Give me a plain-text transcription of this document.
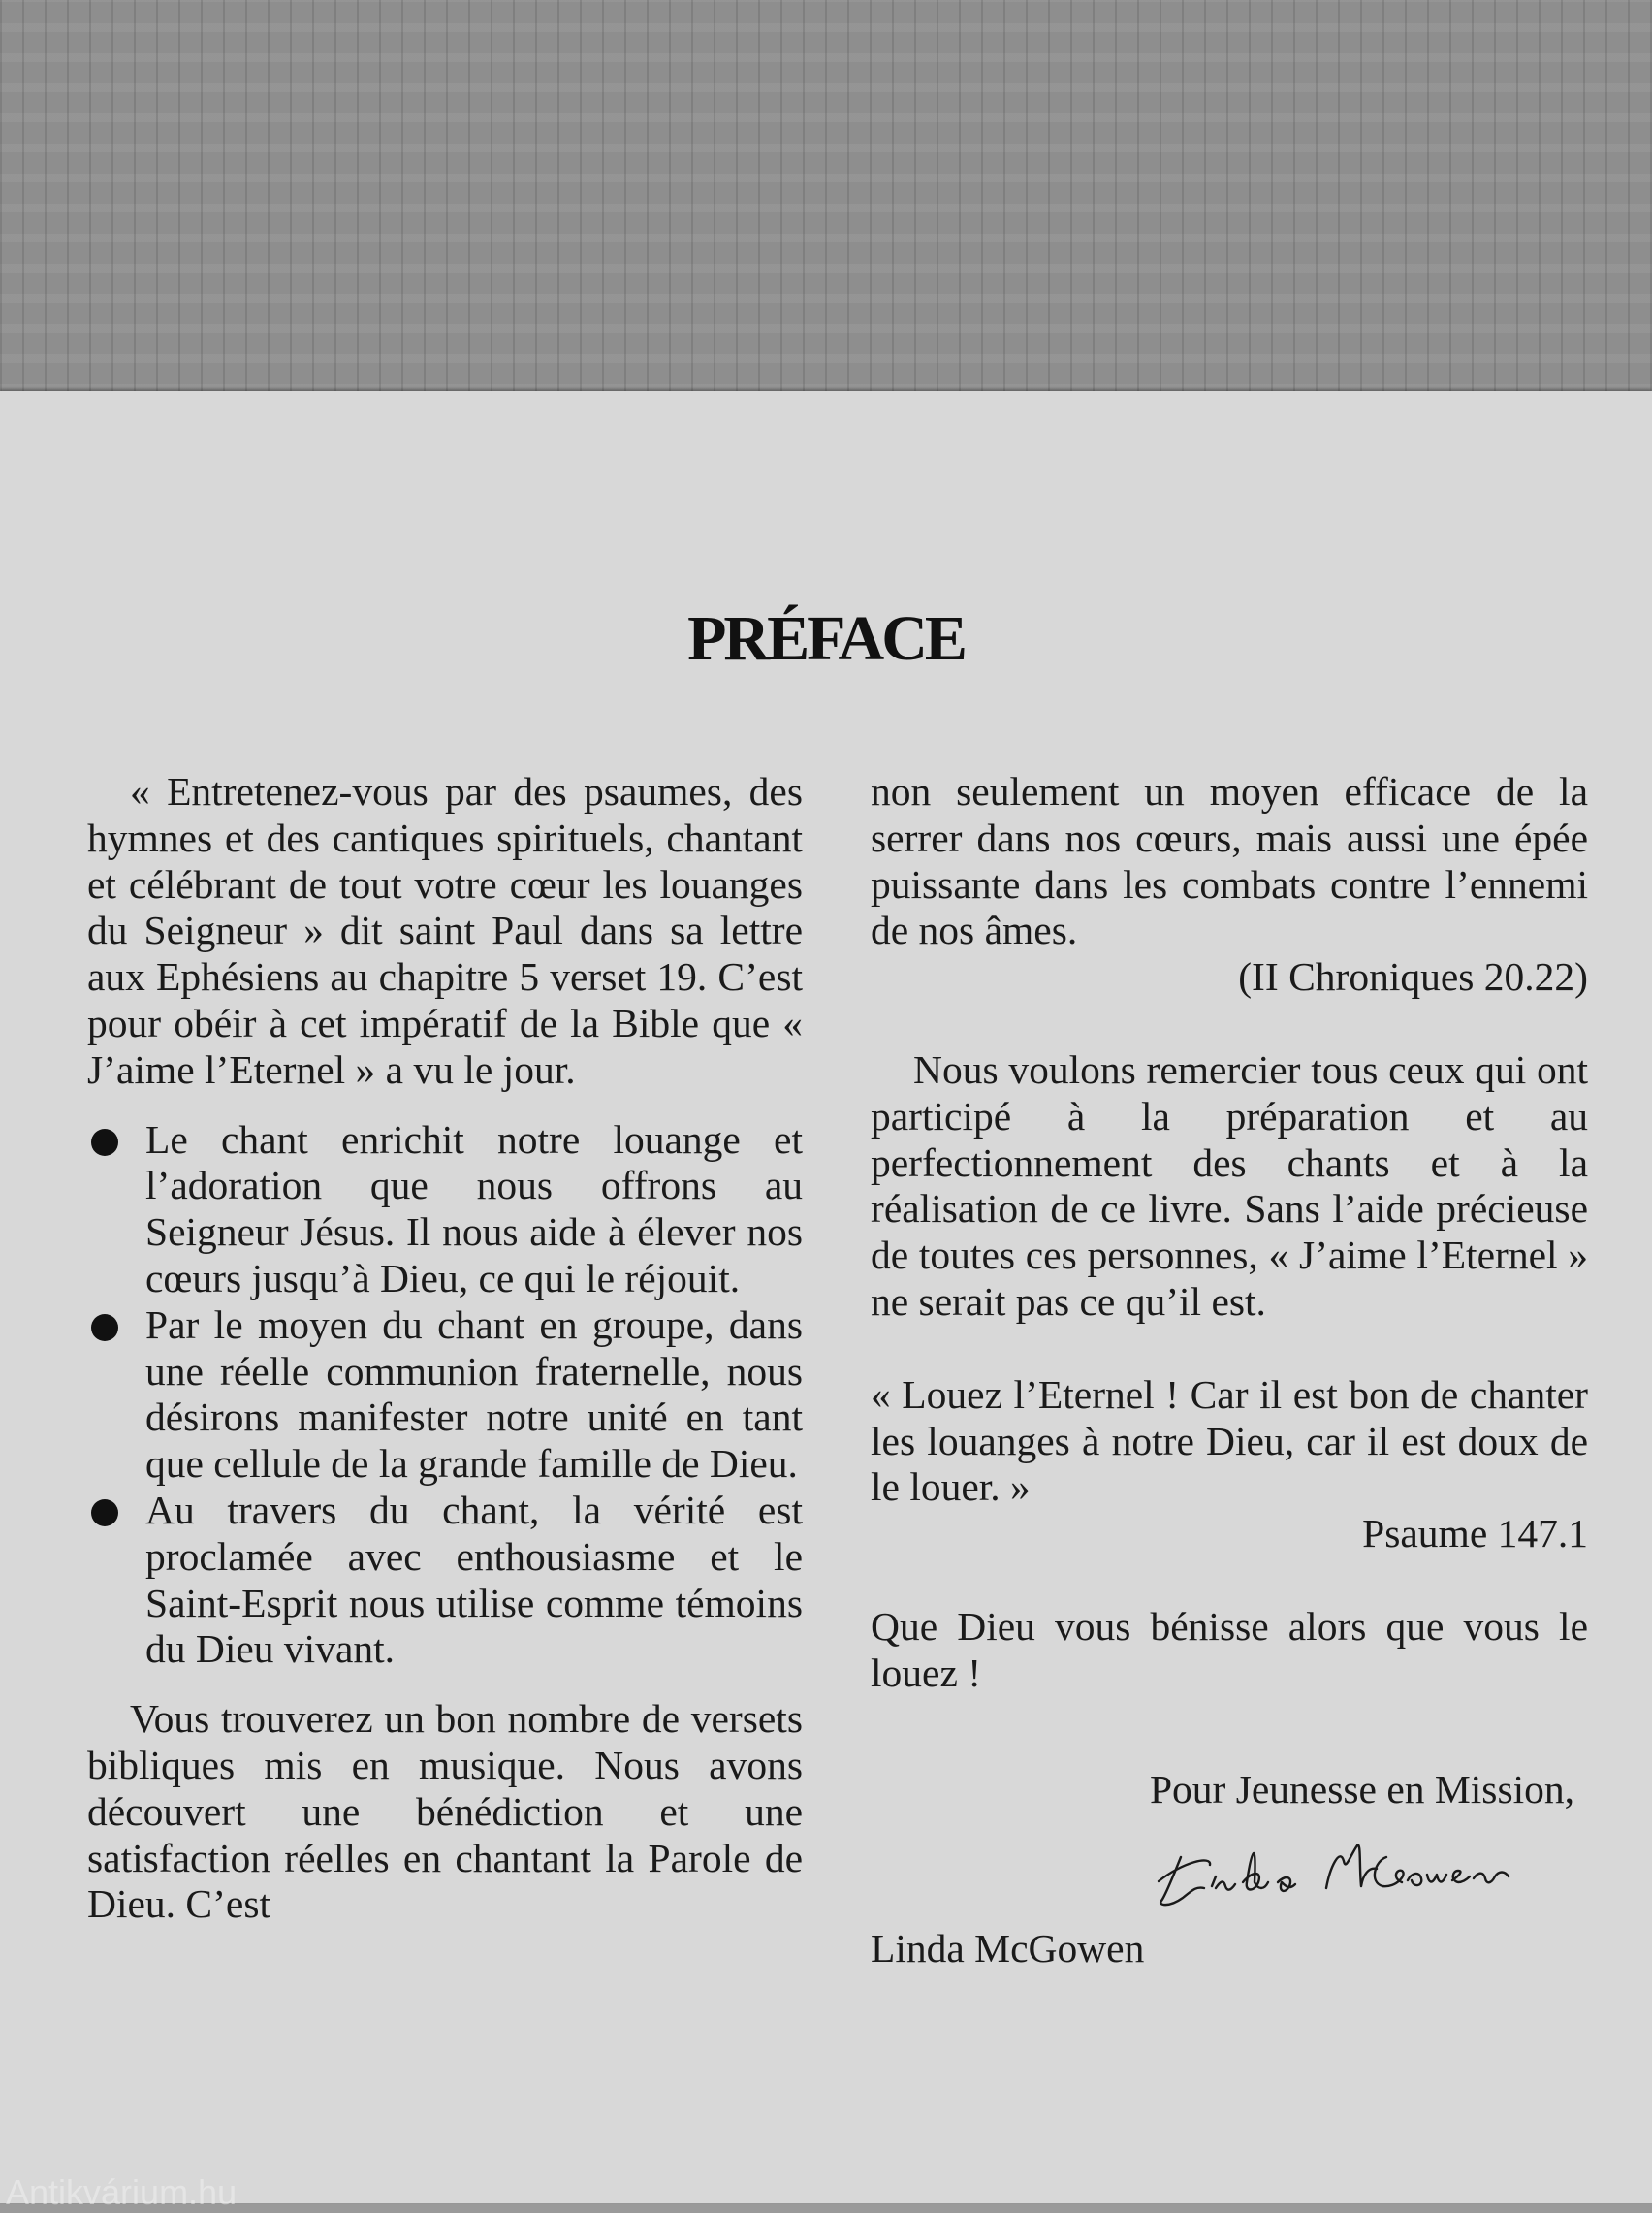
PRÉFACE

« Entretenez-vous par des psaumes, des hymnes et des cantiques spirituels, chantant et célébrant de tout votre cœur les louanges du Seigneur » dit saint Paul dans sa lettre aux Ephésiens au chapitre 5 verset 19. C’est pour obéir à cet impératif de la Bible que « J’aime l’Eternel » a vu le jour.

Le chant enrichit notre louange et l’adoration que nous offrons au Seigneur Jésus. Il nous aide à élever nos cœurs jusqu’à Dieu, ce qui le réjouit.
Par le moyen du chant en groupe, dans une réelle communion fraternelle, nous désirons manifester notre unité en tant que cellule de la grande famille de Dieu.
Au travers du chant, la vérité est proclamée avec enthousiasme et le Saint-Esprit nous utilise comme témoins du Dieu vivant.

Vous trouverez un bon nombre de versets bibliques mis en musique. Nous avons découvert une bénédiction et une satisfaction réelles en chantant la Parole de Dieu. C’est

non seulement un moyen efficace de la serrer dans nos cœurs, mais aussi une épée puissante dans les combats contre l’ennemi de nos âmes.

(II Chroniques 20.22)

Nous voulons remercier tous ceux qui ont participé à la préparation et au perfectionnement des chants et à la réalisation de ce livre. Sans l’aide précieuse de toutes ces personnes, « J’aime l’Eternel » ne serait pas ce qu’il est.

« Louez l’Eternel ! Car il est bon de chanter les louanges à notre Dieu, car il est doux de le louer. »

Psaume 147.1

Que Dieu vous bénisse alors que vous le louez !

Pour Jeunesse en Mission,

Linda McGowen

Antikvárium.hu
